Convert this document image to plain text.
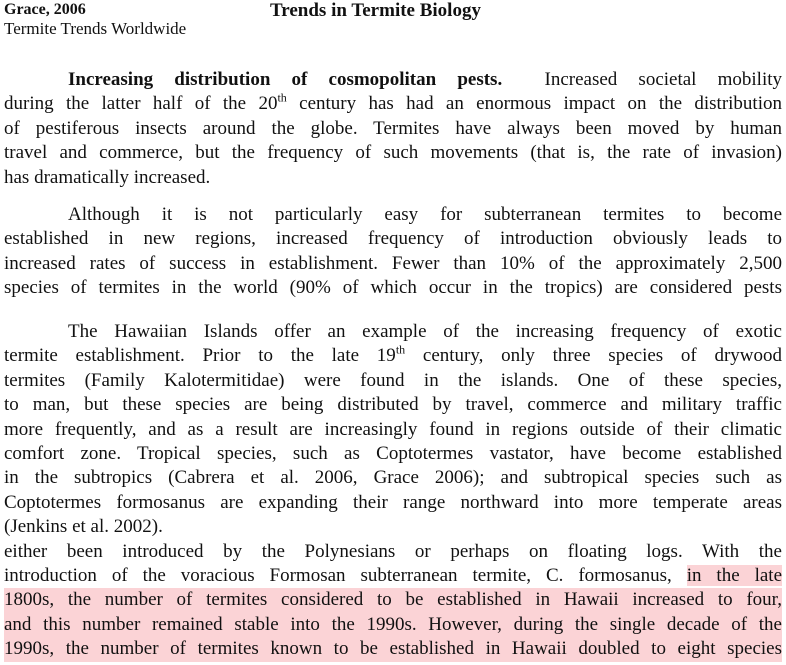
Grace, 2006
Termite Trends Worldwide
Trends in Termite Biology
Increasing distribution of cosmopolitan pests. Increased societal mobility
during the latter half of the 20th century has had an enormous impact on the distribution
of pestiferous insects around the globe. Termites have always been moved by human
travel and commerce, but the frequency of such movements (that is, the rate of invasion)
has dramatically increased.
Although it is not particularly easy for subterranean termites to become
established in new regions, increased frequency of introduction obviously leads to
increased rates of success in establishment. Fewer than 10% of the approximately 2,500
species of termites in the world (90% of which occur in the tropics) are considered pests
The Hawaiian Islands offer an example of the increasing frequency of exotic
termite establishment. Prior to the late 19th century, only three species of drywood
termites (Family Kalotermitidae) were found in the islands. One of these species,
to man, but these species are being distributed by travel, commerce and military traffic
more frequently, and as a result are increasingly found in regions outside of their climatic
comfort zone. Tropical species, such as Coptotermes vastator, have become established
in the subtropics (Cabrera et al. 2006, Grace 2006); and subtropical species such as
Coptotermes formosanus are expanding their range northward into more temperate areas
(Jenkins et al. 2002).
either been introduced by the Polynesians or perhaps on floating logs. With the
introduction of the voracious Formosan subterranean termite, C. formosanus, in the late
1800s, the number of termites considered to be established in Hawaii increased to four,
and this number remained stable into the 1990s. However, during the single decade of the
1990s, the number of termites known to be established in Hawaii doubled to eight species
